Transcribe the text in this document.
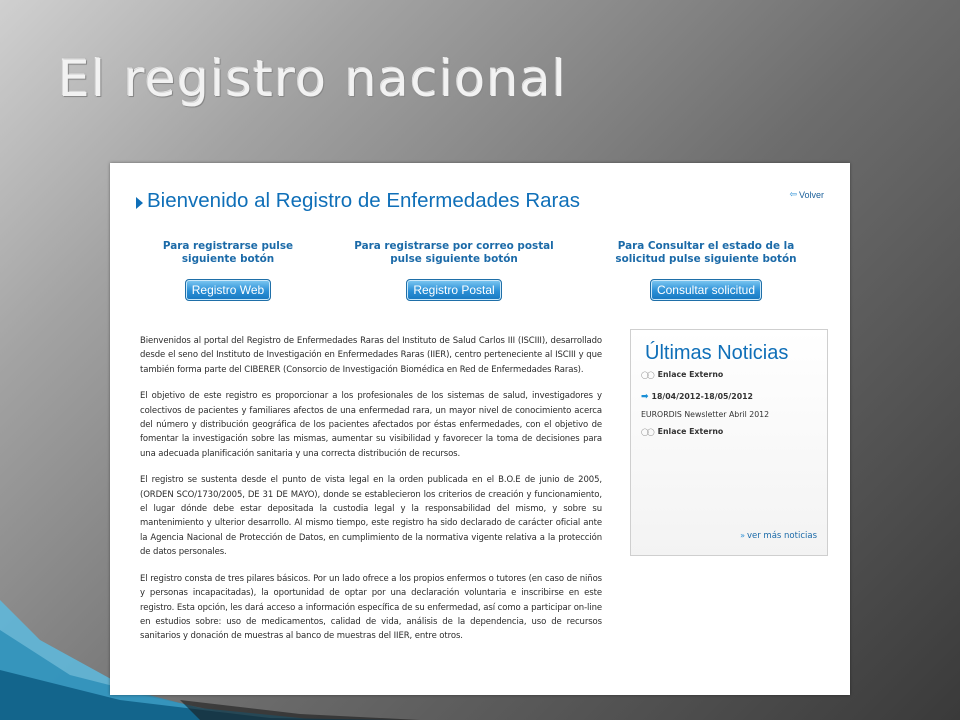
El registro nacional
Bienvenido al Registro de Enfermedades Raras	⇦ Volver

Para registrarse pulse

siguiente botón

Registro Web

Para registrarse por correo postal

pulse siguiente botón

Registro Postal

Para Consultar el estado de la

solicitud pulse siguiente botón

Consultar solicitud

Bienvenidos al portal del Registro de Enfermedades Raras del Instituto de Salud Carlos III (ISCIII), desarrollado desde el seno del Instituto de Investigación en Enfermedades Raras (IIER), centro perteneciente al ISCIII y que también forma parte del CIBERER (Consorcio de Investigación Biomédica en Red de Enfermedades Raras).

El objetivo de este registro es proporcionar a los profesionales de los sistemas de salud, investigadores y colectivos de pacientes y familiares afectos de una enfermedad rara, un mayor nivel de conocimiento acerca del número y distribución geográfica de los pacientes afectados por éstas enfermedades, con el objetivo de fomentar la investigación sobre las mismas, aumentar su visibilidad y favorecer la toma de decisiones para una adecuada planificación sanitaria y una correcta distribución de recursos.

El registro se sustenta desde el punto de vista legal en la orden publicada en el B.O.E de junio de 2005, (ORDEN SCO/1730/2005, DE 31 DE MAYO), donde se establecieron los criterios de creación y funcionamiento, el lugar dónde debe estar depositada la custodia legal y la responsabilidad del mismo, y sobre su mantenimiento y ulterior desarrollo. Al mismo tiempo, este registro ha sido declarado de carácter oficial ante la Agencia Nacional de Protección de Datos, en cumplimiento de la normativa vigente relativa a la protección de datos personales.

El registro consta de tres pilares básicos. Por un lado ofrece a los propios enfermos o tutores (en caso de niños y personas incapacitadas), la oportunidad de optar por una declaración voluntaria e inscribirse en este registro. Esta opción, les dará acceso a información específica de su enfermedad, así como a participar on-line en estudios sobre: uso de medicamentos, calidad de vida, análisis de la dependencia, uso de recursos sanitarios y donación de muestras al banco de muestras del IIER, entre otros.

Últimas Noticias
◯◯ Enlace Externo
➡ 18/04/2012-18/05/2012
EURORDIS Newsletter Abril 2012
◯◯ Enlace Externo
» ver más noticias
